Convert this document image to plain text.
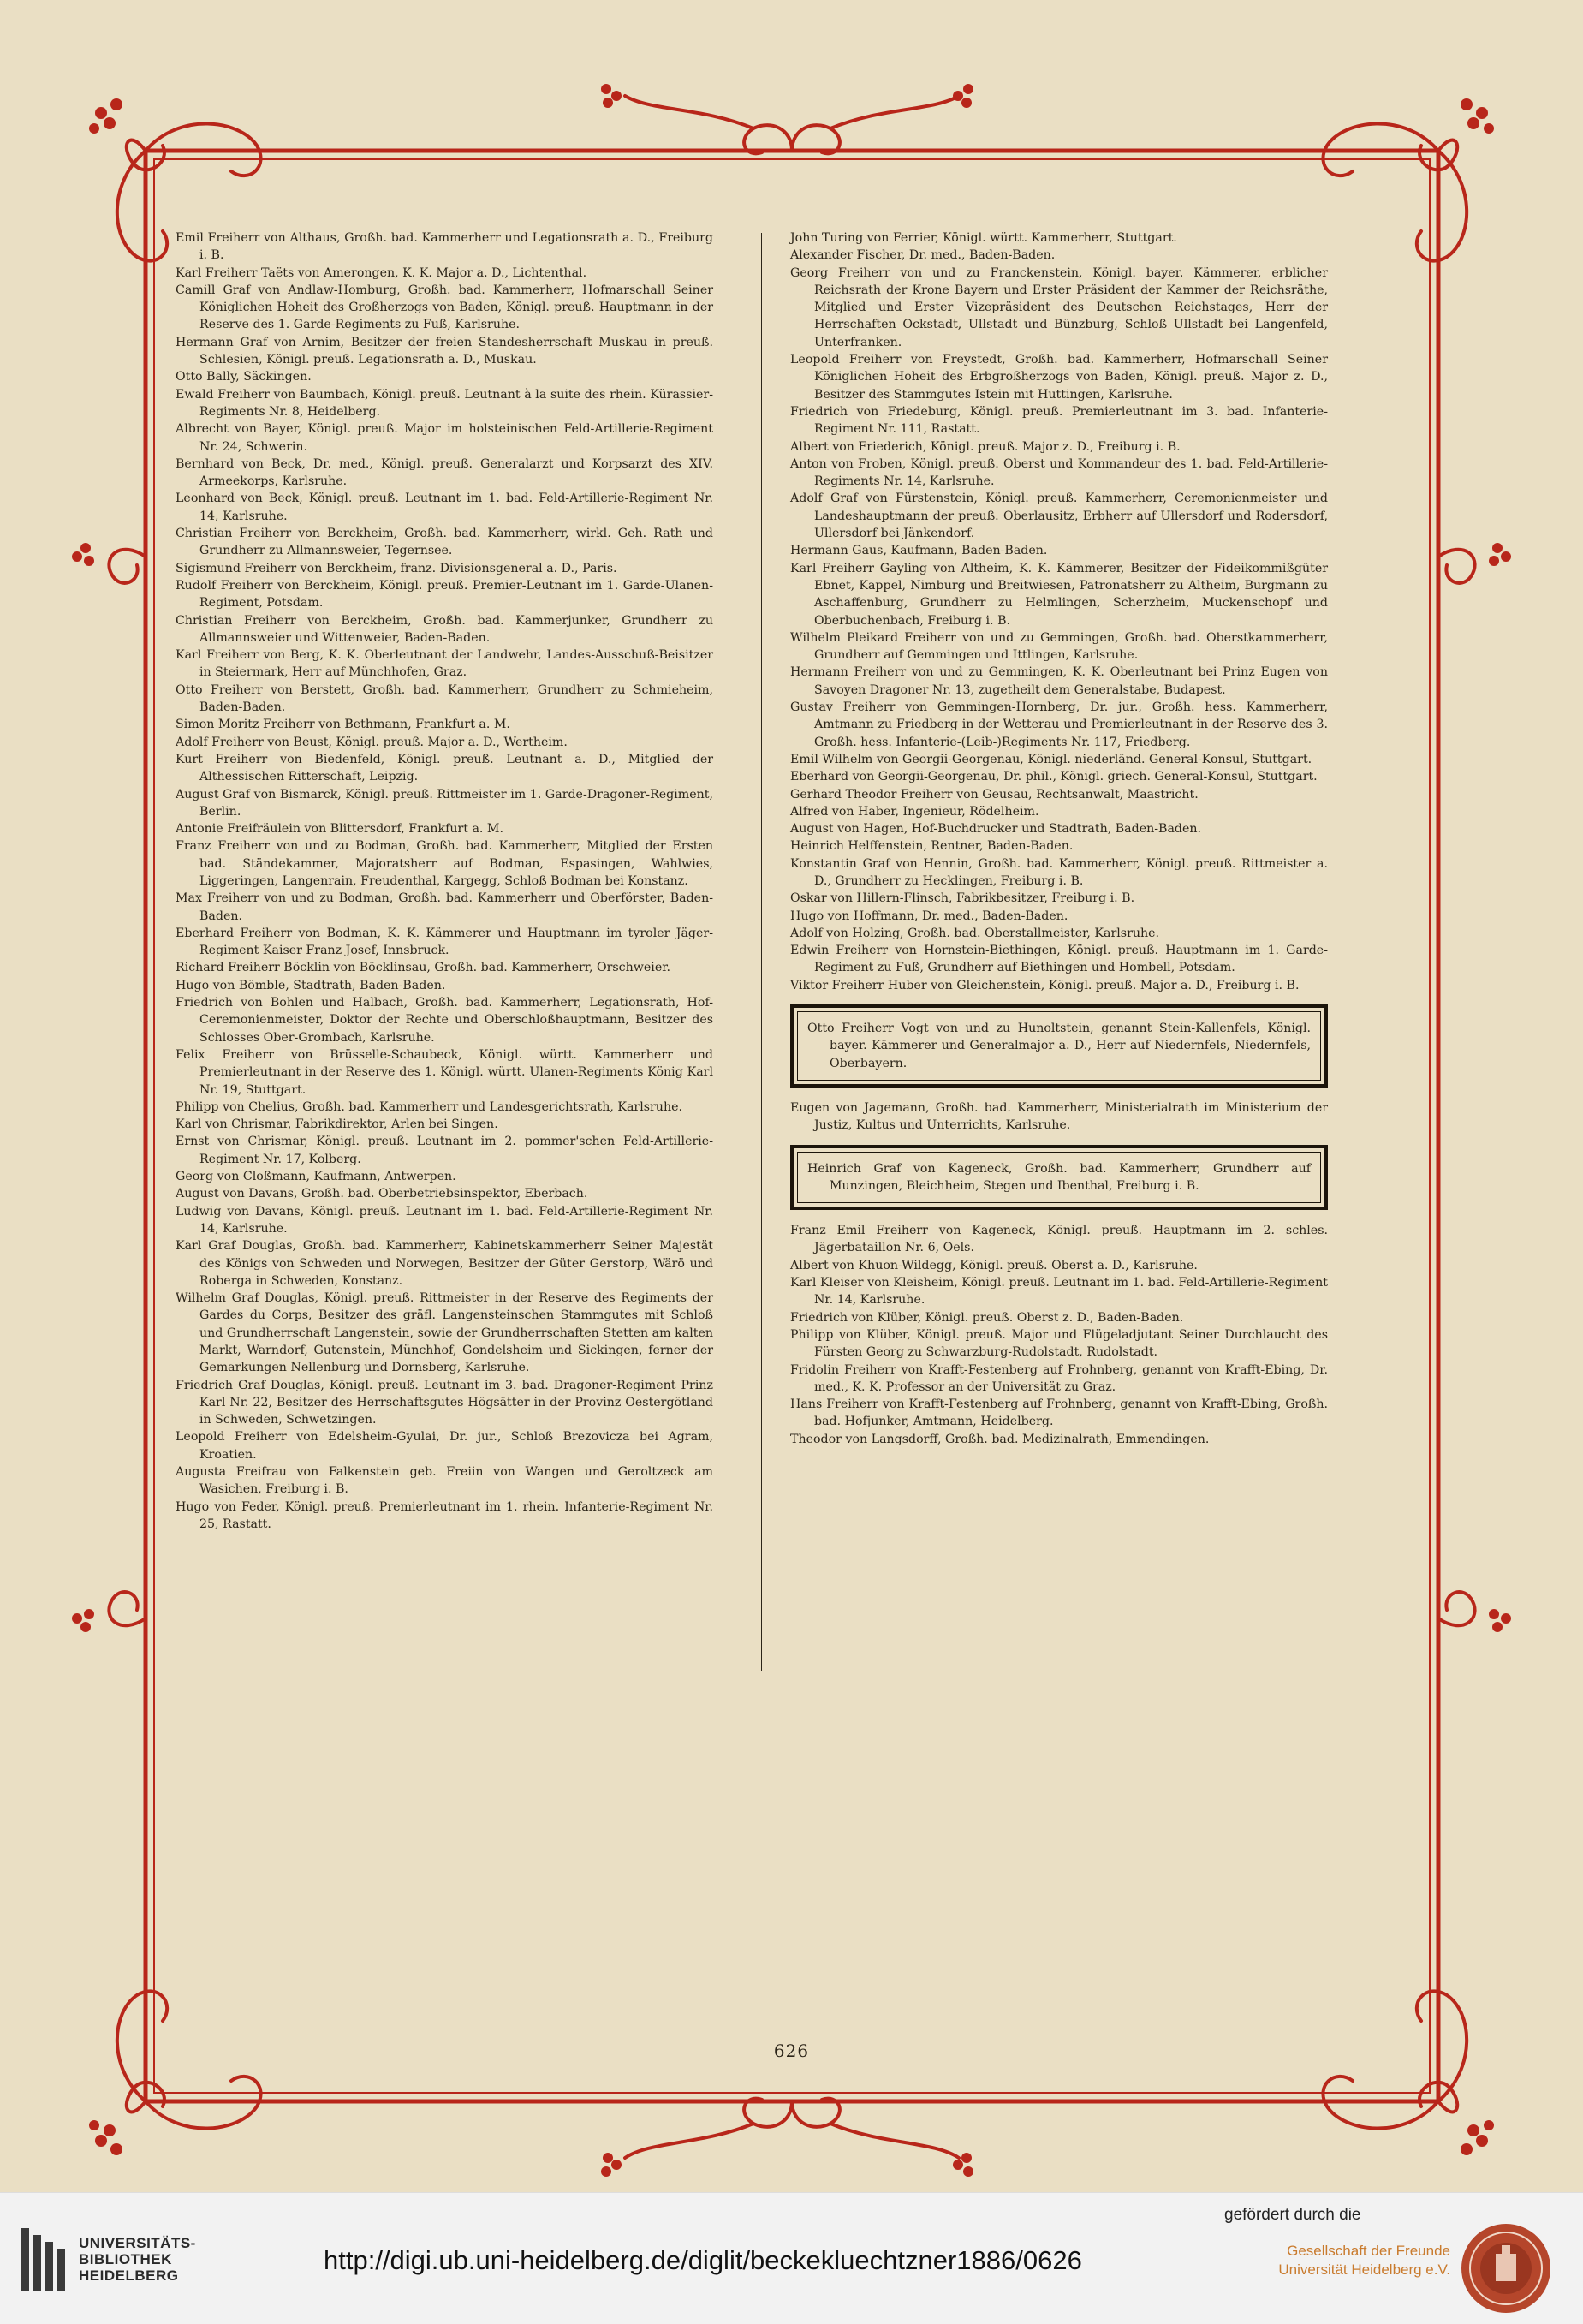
Emil Freiherr von Althaus, Großh. bad. Kammerherr und Legationsrath a. D., Freiburg i. B.

Karl Freiherr Taëts von Amerongen, K. K. Major a. D., Lichtenthal.

Camill Graf von Andlaw-Homburg, Großh. bad. Kammerherr, Hofmarschall Seiner Königlichen Hoheit des Großherzogs von Baden, Königl. preuß. Hauptmann in der Reserve des 1. Garde-Regiments zu Fuß, Karlsruhe.

Hermann Graf von Arnim, Besitzer der freien Standesherrschaft Muskau in preuß. Schlesien, Königl. preuß. Legationsrath a. D., Muskau.

Otto Bally, Säckingen.

Ewald Freiherr von Baumbach, Königl. preuß. Leutnant à la suite des rhein. Kürassier-Regiments Nr. 8, Heidelberg.

Albrecht von Bayer, Königl. preuß. Major im holsteinischen Feld-Artillerie-Regiment Nr. 24, Schwerin.

Bernhard von Beck, Dr. med., Königl. preuß. Generalarzt und Korpsarzt des XIV. Armeekorps, Karlsruhe.

Leonhard von Beck, Königl. preuß. Leutnant im 1. bad. Feld-Artillerie-Regiment Nr. 14, Karlsruhe.

Christian Freiherr von Berckheim, Großh. bad. Kammerherr, wirkl. Geh. Rath und Grundherr zu Allmannsweier, Tegernsee.

Sigismund Freiherr von Berckheim, franz. Divisionsgeneral a. D., Paris.

Rudolf Freiherr von Berckheim, Königl. preuß. Premier-Leutnant im 1. Garde-Ulanen-Regiment, Potsdam.

Christian Freiherr von Berckheim, Großh. bad. Kammerjunker, Grundherr zu Allmannsweier und Wittenweier, Baden-Baden.

Karl Freiherr von Berg, K. K. Oberleutnant der Landwehr, Landes-Ausschuß-Beisitzer in Steiermark, Herr auf Münchhofen, Graz.

Otto Freiherr von Berstett, Großh. bad. Kammerherr, Grundherr zu Schmieheim, Baden-Baden.

Simon Moritz Freiherr von Bethmann, Frankfurt a. M.

Adolf Freiherr von Beust, Königl. preuß. Major a. D., Wertheim.

Kurt Freiherr von Biedenfeld, Königl. preuß. Leutnant a. D., Mitglied der Althessischen Ritterschaft, Leipzig.

August Graf von Bismarck, Königl. preuß. Rittmeister im 1. Garde-Dragoner-Regiment, Berlin.

Antonie Freifräulein von Blittersdorf, Frankfurt a. M.

Franz Freiherr von und zu Bodman, Großh. bad. Kammerherr, Mitglied der Ersten bad. Ständekammer, Majoratsherr auf Bodman, Espasingen, Wahlwies, Liggeringen, Langenrain, Freudenthal, Kargegg, Schloß Bodman bei Konstanz.

Max Freiherr von und zu Bodman, Großh. bad. Kammerherr und Oberförster, Baden-Baden.

Eberhard Freiherr von Bodman, K. K. Kämmerer und Hauptmann im tyroler Jäger-Regiment Kaiser Franz Josef, Innsbruck.

Richard Freiherr Böcklin von Böcklinsau, Großh. bad. Kammerherr, Orschweier.

Hugo von Bömble, Stadtrath, Baden-Baden.

Friedrich von Bohlen und Halbach, Großh. bad. Kammerherr, Legationsrath, Hof-Ceremonienmeister, Doktor der Rechte und Oberschloßhauptmann, Besitzer des Schlosses Ober-Grombach, Karlsruhe.

Felix Freiherr von Brüsselle-Schaubeck, Königl. württ. Kammerherr und Premierleutnant in der Reserve des 1. Königl. württ. Ulanen-Regiments König Karl Nr. 19, Stuttgart.

Philipp von Chelius, Großh. bad. Kammerherr und Landesgerichtsrath, Karlsruhe.

Karl von Chrismar, Fabrikdirektor, Arlen bei Singen.

Ernst von Chrismar, Königl. preuß. Leutnant im 2. pommer'schen Feld-Artillerie-Regiment Nr. 17, Kolberg.

Georg von Cloßmann, Kaufmann, Antwerpen.

August von Davans, Großh. bad. Oberbetriebsinspektor, Eberbach.

Ludwig von Davans, Königl. preuß. Leutnant im 1. bad. Feld-Artillerie-Regiment Nr. 14, Karlsruhe.

Karl Graf Douglas, Großh. bad. Kammerherr, Kabinetskammerherr Seiner Majestät des Königs von Schweden und Norwegen, Besitzer der Güter Gerstorp, Wärö und Roberga in Schweden, Konstanz.

Wilhelm Graf Douglas, Königl. preuß. Rittmeister in der Reserve des Regiments der Gardes du Corps, Besitzer des gräfl. Langensteinschen Stammgutes mit Schloß und Grundherrschaft Langenstein, sowie der Grundherrschaften Stetten am kalten Markt, Warndorf, Gutenstein, Münchhof, Gondelsheim und Sickingen, ferner der Gemarkungen Nellenburg und Dornsberg, Karlsruhe.

Friedrich Graf Douglas, Königl. preuß. Leutnant im 3. bad. Dragoner-Regiment Prinz Karl Nr. 22, Besitzer des Herrschaftsgutes Högsätter in der Provinz Oestergötland in Schweden, Schwetzingen.

Leopold Freiherr von Edelsheim-Gyulai, Dr. jur., Schloß Brezovicza bei Agram, Kroatien.

Augusta Freifrau von Falkenstein geb. Freiin von Wangen und Geroltzeck am Wasichen, Freiburg i. B.

Hugo von Feder, Königl. preuß. Premierleutnant im 1. rhein. Infanterie-Regiment Nr. 25, Rastatt.

John Turing von Ferrier, Königl. württ. Kammerherr, Stuttgart.

Alexander Fischer, Dr. med., Baden-Baden.

Georg Freiherr von und zu Franckenstein, Königl. bayer. Kämmerer, erblicher Reichsrath der Krone Bayern und Erster Präsident der Kammer der Reichsräthe, Mitglied und Erster Vizepräsident des Deutschen Reichstages, Herr der Herrschaften Ockstadt, Ullstadt und Bünzburg, Schloß Ullstadt bei Langenfeld, Unterfranken.

Leopold Freiherr von Freystedt, Großh. bad. Kammerherr, Hofmarschall Seiner Königlichen Hoheit des Erbgroßherzogs von Baden, Königl. preuß. Major z. D., Besitzer des Stammgutes Istein mit Huttingen, Karlsruhe.

Friedrich von Friedeburg, Königl. preuß. Premierleutnant im 3. bad. Infanterie-Regiment Nr. 111, Rastatt.

Albert von Friederich, Königl. preuß. Major z. D., Freiburg i. B.

Anton von Froben, Königl. preuß. Oberst und Kommandeur des 1. bad. Feld-Artillerie-Regiments Nr. 14, Karlsruhe.

Adolf Graf von Fürstenstein, Königl. preuß. Kammerherr, Ceremonienmeister und Landeshauptmann der preuß. Oberlausitz, Erbherr auf Ullersdorf und Rodersdorf, Ullersdorf bei Jänkendorf.

Hermann Gaus, Kaufmann, Baden-Baden.

Karl Freiherr Gayling von Altheim, K. K. Kämmerer, Besitzer der Fideikommißgüter Ebnet, Kappel, Nimburg und Breitwiesen, Patronatsherr zu Altheim, Burgmann zu Aschaffenburg, Grundherr zu Helmlingen, Scherzheim, Muckenschopf und Oberbuchenbach, Freiburg i. B.

Wilhelm Pleikard Freiherr von und zu Gemmingen, Großh. bad. Oberstkammerherr, Grundherr auf Gemmingen und Ittlingen, Karlsruhe.

Hermann Freiherr von und zu Gemmingen, K. K. Oberleutnant bei Prinz Eugen von Savoyen Dragoner Nr. 13, zugetheilt dem Generalstabe, Budapest.

Gustav Freiherr von Gemmingen-Hornberg, Dr. jur., Großh. hess. Kammerherr, Amtmann zu Friedberg in der Wetterau und Premierleutnant in der Reserve des 3. Großh. hess. Infanterie-(Leib-)Regiments Nr. 117, Friedberg.

Emil Wilhelm von Georgii-Georgenau, Königl. niederländ. General-Konsul, Stuttgart.

Eberhard von Georgii-Georgenau, Dr. phil., Königl. griech. General-Konsul, Stuttgart.

Gerhard Theodor Freiherr von Geusau, Rechtsanwalt, Maastricht.

Alfred von Haber, Ingenieur, Rödelheim.

August von Hagen, Hof-Buchdrucker und Stadtrath, Baden-Baden.

Heinrich Helffenstein, Rentner, Baden-Baden.

Konstantin Graf von Hennin, Großh. bad. Kammerherr, Königl. preuß. Rittmeister a. D., Grundherr zu Hecklingen, Freiburg i. B.

Oskar von Hillern-Flinsch, Fabrikbesitzer, Freiburg i. B.

Hugo von Hoffmann, Dr. med., Baden-Baden.

Adolf von Holzing, Großh. bad. Oberstallmeister, Karlsruhe.

Edwin Freiherr von Hornstein-Biethingen, Königl. preuß. Hauptmann im 1. Garde-Regiment zu Fuß, Grundherr auf Biethingen und Hombell, Potsdam.

Viktor Freiherr Huber von Gleichenstein, Königl. preuß. Major a. D., Freiburg i. B.

Otto Freiherr Vogt von und zu Hunoltstein, genannt Stein-Kallenfels, Königl. bayer. Kämmerer und Generalmajor a. D., Herr auf Niedernfels, Niedernfels, Oberbayern.

Eugen von Jagemann, Großh. bad. Kammerherr, Ministerialrath im Ministerium der Justiz, Kultus und Unterrichts, Karlsruhe.

Heinrich Graf von Kageneck, Großh. bad. Kammerherr, Grundherr auf Munzingen, Bleichheim, Stegen und Ibenthal, Freiburg i. B.

Franz Emil Freiherr von Kageneck, Königl. preuß. Hauptmann im 2. schles. Jägerbataillon Nr. 6, Oels.

Albert von Khuon-Wildegg, Königl. preuß. Oberst a. D., Karlsruhe.

Karl Kleiser von Kleisheim, Königl. preuß. Leutnant im 1. bad. Feld-Artillerie-Regiment Nr. 14, Karlsruhe.

Friedrich von Klüber, Königl. preuß. Oberst z. D., Baden-Baden.

Philipp von Klüber, Königl. preuß. Major und Flügeladjutant Seiner Durchlaucht des Fürsten Georg zu Schwarzburg-Rudolstadt, Rudolstadt.

Fridolin Freiherr von Krafft-Festenberg auf Frohnberg, genannt von Krafft-Ebing, Dr. med., K. K. Professor an der Universität zu Graz.

Hans Freiherr von Krafft-Festenberg auf Frohnberg, genannt von Krafft-Ebing, Großh. bad. Hofjunker, Amtmann, Heidelberg.

Theodor von Langsdorff, Großh. bad. Medizinalrath, Emmendingen.

626
UNIVERSITÄTS-
BIBLIOTHEK
HEIDELBERG
http://digi.ub.uni-heidelberg.de/diglit/beckekluechtzner1886/0626
gefördert durch die
Gesellschaft der Freunde
Universität Heidelberg e.V.
